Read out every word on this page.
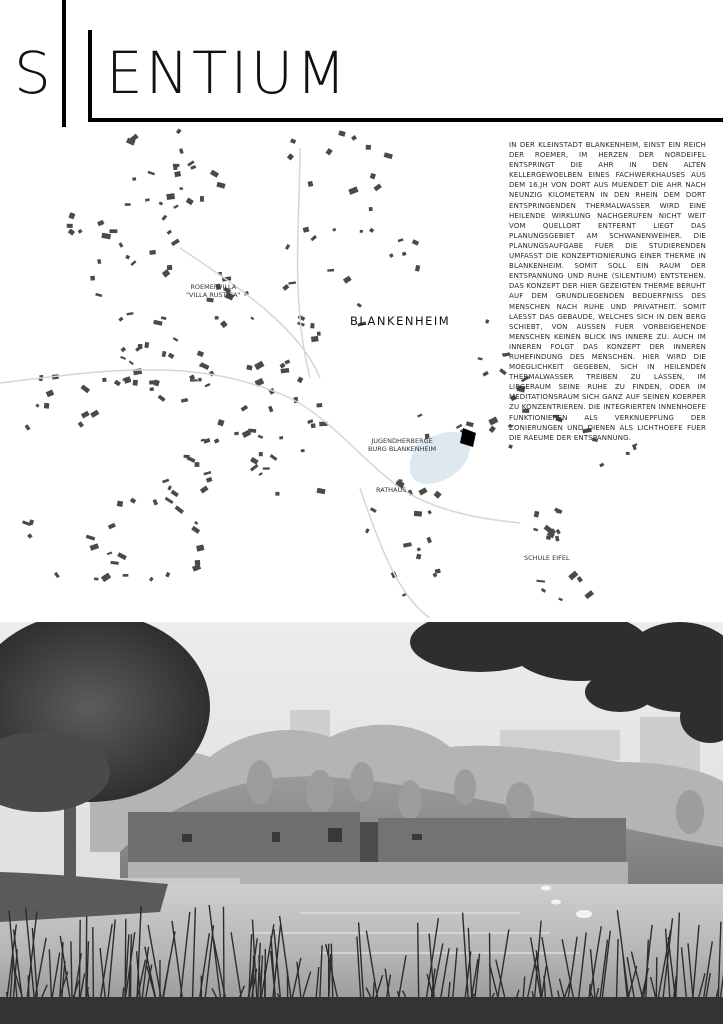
S ENTIUM
BLANKENHEIM
ROEMERVILLA
"VILLA RUSTICA"
JUGENDHERBERGE
BURG BLANKENHEIM
RATHAUS
SCHULE EIFEL
IN DER KLEINSTADT BLANKENHEIM, EINST EIN REICH DER ROEMER, IM HERZEN DER NORDEIFEL ENTSPRINGT DIE AHR IN DEN ALTEN KELLERGEWOELBEN EINES FACHWERKHAUSES AUS DEM 16.JH VON DORT AUS MUENDET DIE AHR NACH NEUNZIG KILOMETERN IN DEN RHEIN DEM DORT ENTSPRINGENDEN THERMALWASSER WIRD EINE HEILENDE WIRKLUNG NACHGERUFEN NICHT WEIT VOM QUELLORT ENTFERNT LIEGT DAS PLANUNGSGEBIET AM SCHWANENWEIHER. DIE PLANUNGSAUFGABE FUER DIE STUDIERENDEN UMFASST DIE KONZEPTIONIERUNG EINER THERME IN BLANKENHEIM. SOMIT SOLL EIN RAUM DER ENTSPANNUNG UND RUHE (SILENTIUM) ENTSTEHEN. DAS KONZEPT DER HIER GEZEIGTEN THERME BERUHT AUF DEM GRUNDLIEGENDEN BEDUERFNISS DES MENSCHEN NACH RUHE UND PRIVATHEIT. SOMIT LAESST DAS GEBAUDE, WELCHES SICH IN DEN BERG SCHIEBT, VON AUSSEN FUER VORBEIGEHENDE MENSCHEN KEINEN BLICK INS INNERE ZU. AUCH IM INNEREN FOLGT DAS KONZEPT DER INNEREN RUHEFINDUNG DES MENSCHEN. HIER WIRD DIE MOEGLICHKEIT GEGEBEN, SICH IN HEILENDEN THERMALWASSER TREIBEN ZU LASSEN, IM LIEGERAUM SEINE RUHE ZU FINDEN, ODER IM MEDITATIONSRAUM SICH GANZ AUF SEINEN KOERPER ZU KONZENTRIEREN. DIE INTEGRIERTEN INNENHOEFE FUNKTIONIEREN ALS VERKNUEPFUNG DER ZONIERUNGEN UND DIENEN ALS LICHTHOEFE FUER DIE RAEUME DER ENTSPANNUNG.
